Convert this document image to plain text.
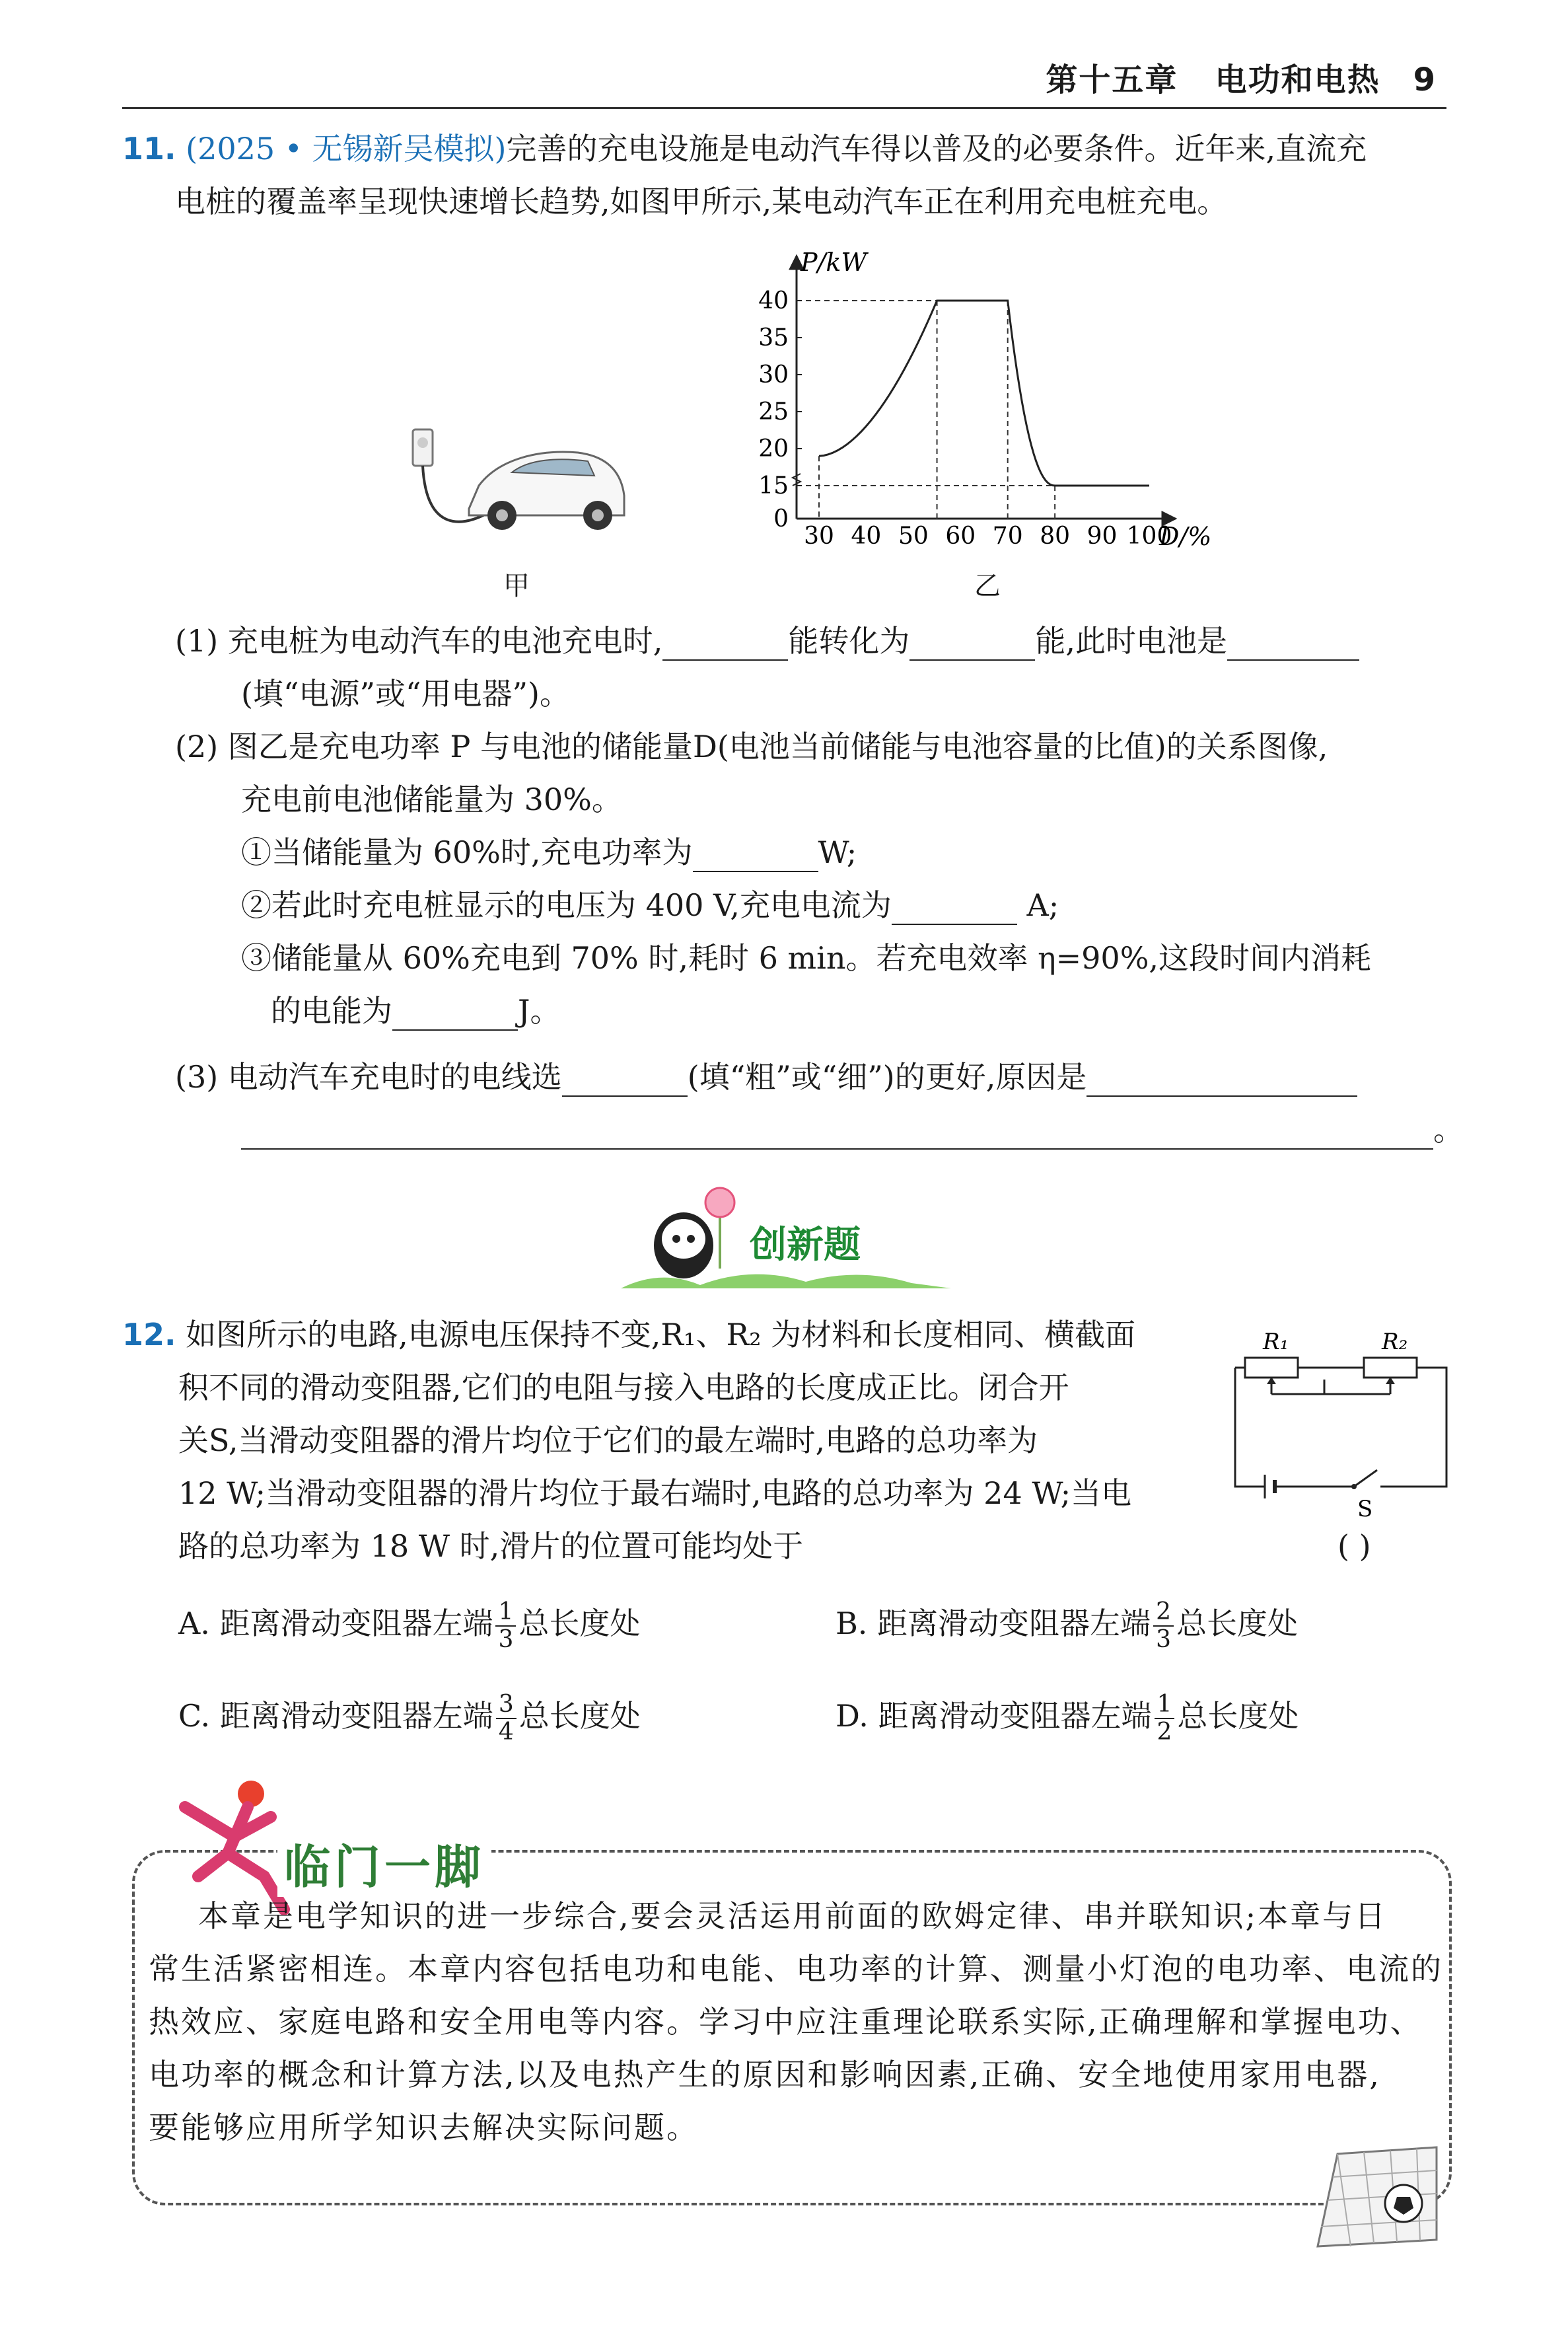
第十五章 电功和电热 9
11. (2025 • 无锡新吴模拟)完善的充电设施是电动汽车得以普及的必要条件。近年来,直流充
电桩的覆盖率呈现快速增长趋势,如图甲所示,某电动汽车正在利用充电桩充电。
甲
0
15
20
25
30
35
40
30 40 50 60 70 80 90 100
P/kW
D/%
乙
(1) 充电桩为电动汽车的电池充电时,	能转化为	能,此时电池是
(填“电源”或“用电器”)。
(2) 图乙是充电功率 P 与电池的储能量D(电池当前储能与电池容量的比值)的关系图像,
充电前电池储能量为 30%。
①当储能量为 60%时,充电功率为	W;
②若此时充电桩显示的电压为 400 V,充电电流为	A;
③储能量从 60%充电到 70% 时,耗时 6 min。若充电效率 η=90%,这段时间内消耗
的电能为	J。
(3) 电动汽车充电时的电线选	(填“粗”或“细”)的更好,原因是
。
创新题
12. 如图所示的电路,电源电压保持不变,R₁、R₂ 为材料和长度相同、横截面
积不同的滑动变阻器,它们的电阻与接入电路的长度成正比。闭合开
关S,当滑动变阻器的滑片均位于它们的最左端时,电路的总功率为
12 W;当滑动变阻器的滑片均位于最右端时,电路的总功率为 24 W;当电
路的总功率为 18 W 时,滑片的位置可能均处于	( )
R₁	R₂
S
A. 距离滑动变阻器左端 $\frac{1}{3}$ 总长度处	B. 距离滑动变阻器左端 $\frac{2}{3}$ 总长度处
C. 距离滑动变阻器左端 $\frac{3}{4}$ 总长度处	D. 距离滑动变阻器左端 $\frac{1}{2}$ 总长度处
临门一脚
本章是电学知识的进一步综合,要会灵活运用前面的欧姆定律、串并联知识;本章与日
常生活紧密相连。本章内容包括电功和电能、电功率的计算、测量小灯泡的电功率、电流的
热效应、家庭电路和安全用电等内容。学习中应注重理论联系实际,正确理解和掌握电功、
电功率的概念和计算方法,以及电热产生的原因和影响因素,正确、安全地使用家用电器,
要能够应用所学知识去解决实际问题。
